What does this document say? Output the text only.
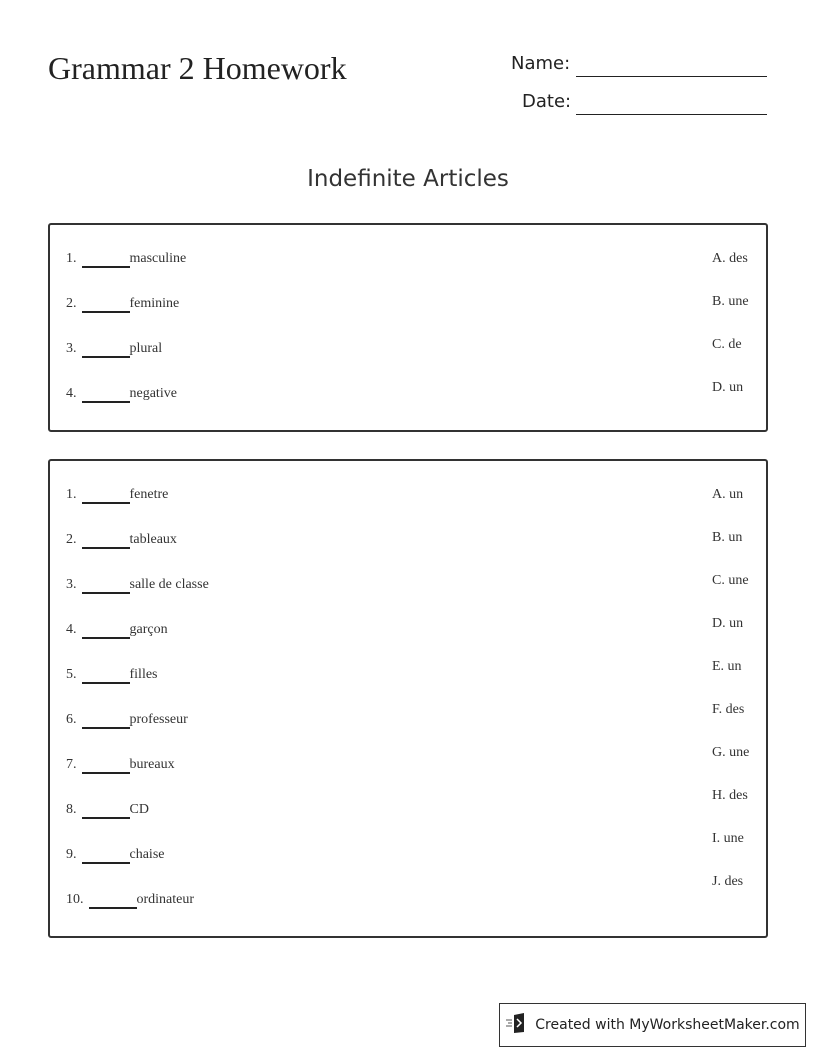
Grammar 2 Homework	Name:
Date:
Indefinite Articles
1.	masculine
2.	feminine
3.	plural
4.	negative
A. des
B. une
C. de
D. un
1.	fenetre
2.	tableaux
3.	salle de classe
4.	garçon
5.	filles
6.	professeur
7.	bureaux
8.	CD
9.	chaise
10.	ordinateur
A. un
B. un
C. une
D. un
E. un
F. des
G. une
H. des
I. une
J. des
Created with MyWorksheetMaker.com
